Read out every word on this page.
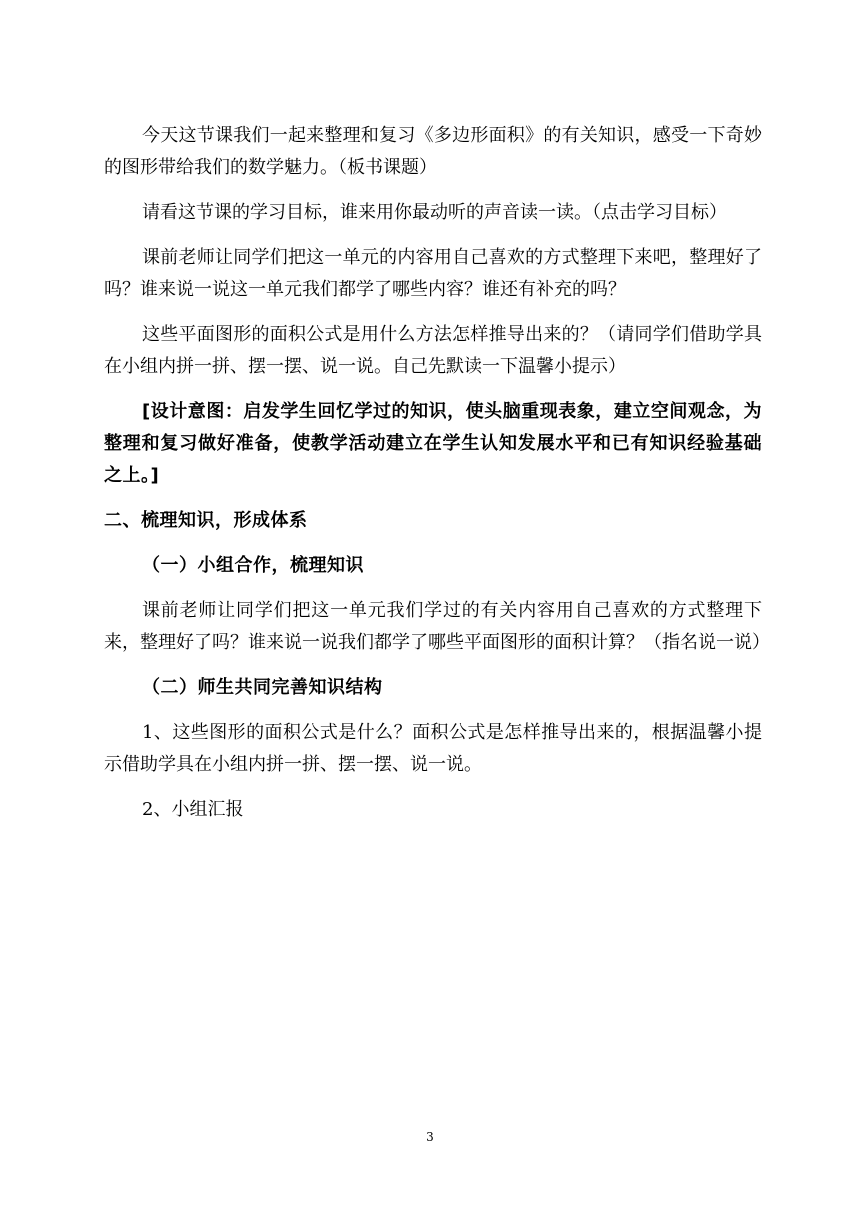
今天这节课我们一起来整理和复习《多边形面积》的有关知识，感受一下奇妙的图形带给我们的数学魅力。（板书课题）

请看这节课的学习目标，谁来用你最动听的声音读一读。（点击学习目标）

课前老师让同学们把这一单元的内容用自己喜欢的方式整理下来吧，整理好了吗？谁来说一说这一单元我们都学了哪些内容？谁还有补充的吗？

这些平面图形的面积公式是用什么方法怎样推导出来的？（请同学们借助学具在小组内拼一拼、摆一摆、说一说。自己先默读一下温馨小提示）

[设计意图：启发学生回忆学过的知识，使头脑重现表象，建立空间观念，为整理和复习做好准备，使教学活动建立在学生认知发展水平和已有知识经验基础之上。]

二、梳理知识，形成体系

（一）小组合作，梳理知识

课前老师让同学们把这一单元我们学过的有关内容用自己喜欢的方式整理下来，整理好了吗？谁来说一说我们都学了哪些平面图形的面积计算？（指名说一说）

（二）师生共同完善知识结构

1、这些图形的面积公式是什么？面积公式是怎样推导出来的，根据温馨小提示借助学具在小组内拼一拼、摆一摆、说一说。

2、小组汇报

3
